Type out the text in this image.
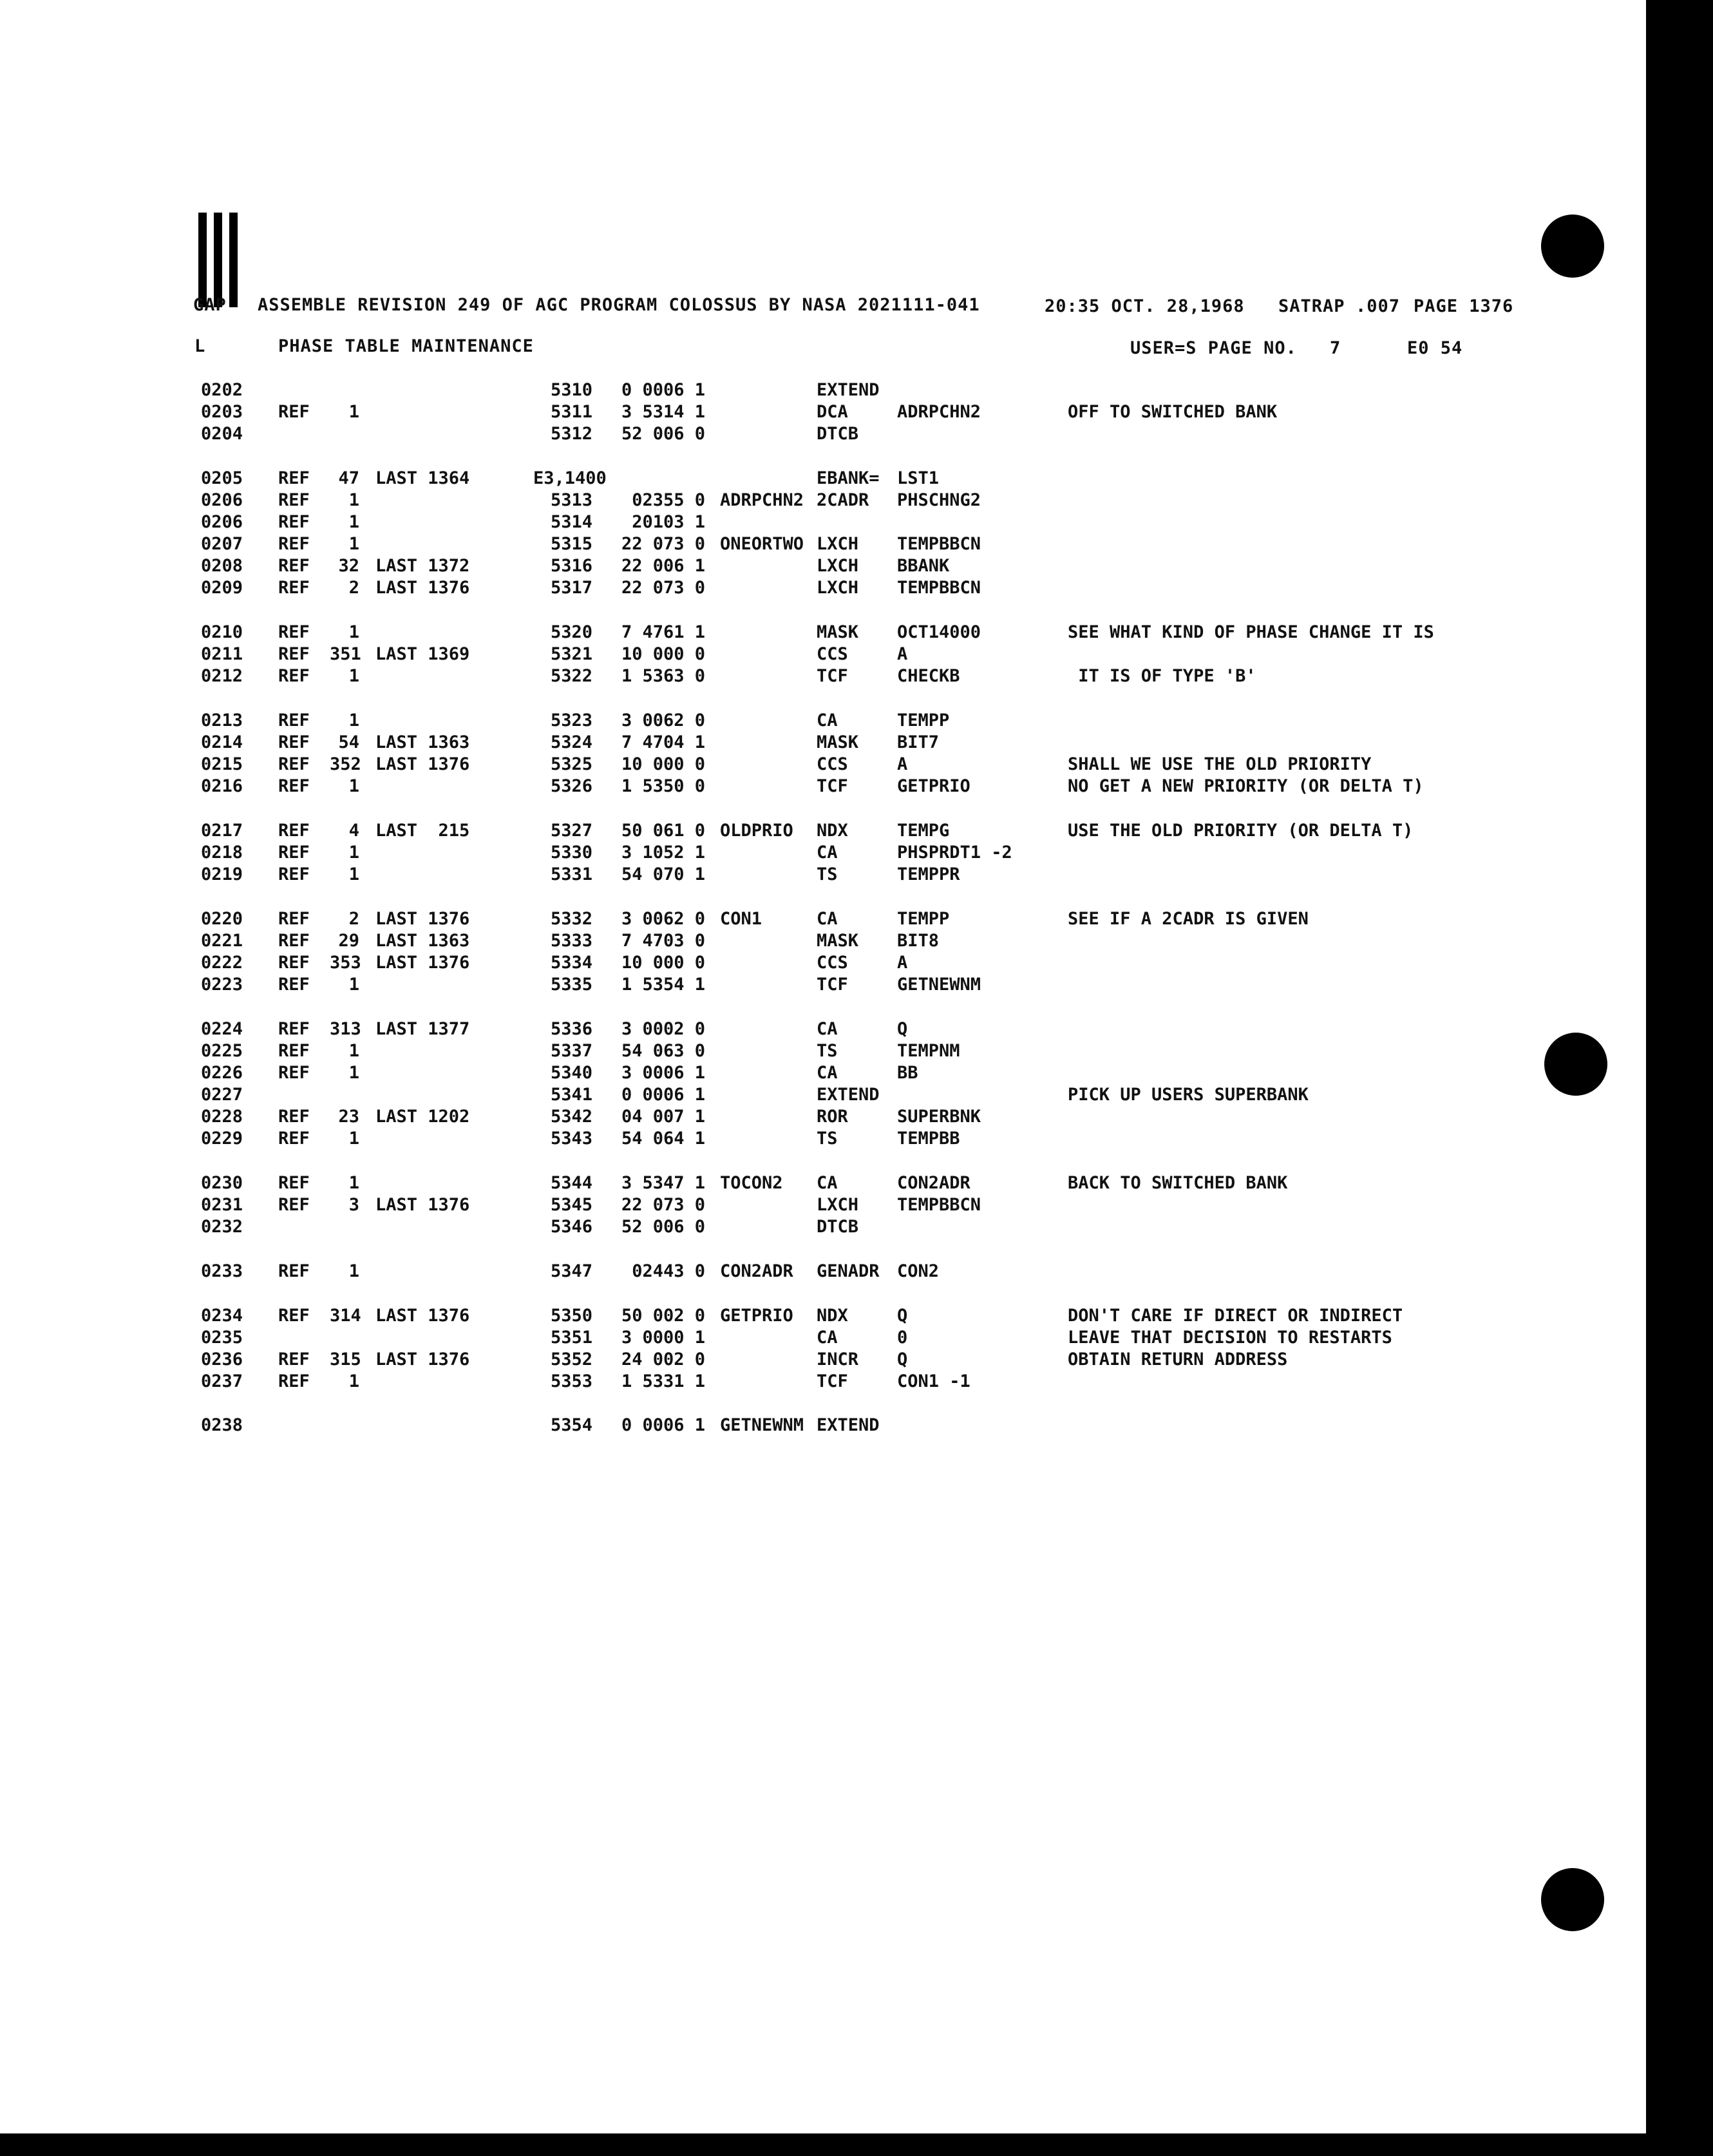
GAP ASSEMBLE REVISION 249 OF AGC PROGRAM COLOSSUS BY NASA 2021111-041	20:35 OCT. 28,1968 SATRAP .007 PAGE 1376
L	PHASE TABLE MAINTENANCE	USER=S PAGE NO. 7	E0 54
0202	5310	0 0006 1	EXTEND
0203 REF	1	5311	3 5314 1	DCA	ADRPCHN2	OFF TO SWITCHED BANK
0204	5312	52 006 0	DTCB
0205 REF	47 LAST 1364	E3,1400	EBANK= LST1
0206 REF	1	5313	02355 0 ADRPCHN2 2CADR PHSCHNG2
0206 REF	1	5314	20103 1
0207 REF	1	5315	22 073 0 ONEORTWO LXCH TEMPBBCN
0208 REF	32 LAST 1372	5316	22 006 1	LXCH BBANK
0209 REF	2 LAST 1376	5317	22 073 0	LXCH TEMPBBCN
0210 REF	1	5320	7 4761 1	MASK OCT14000	SEE WHAT KIND OF PHASE CHANGE IT IS
0211 REF 351 LAST 1369	5321	10 000 0	CCS	A
0212 REF	1	5322	1 5363 0	TCF	CHECKB	IT IS OF TYPE 'B'
0213 REF	1	5323	3 0062 0	CA	TEMPP
0214 REF	54 LAST 1363	5324	7 4704 1	MASK BIT7
0215 REF 352 LAST 1376	5325	10 000 0	CCS	A	SHALL WE USE THE OLD PRIORITY
0216 REF	1	5326	1 5350 0	TCF	GETPRIO	NO GET A NEW PRIORITY (OR DELTA T)
0217 REF	4 LAST  215	5327	50 061 0 OLDPRIO NDX	TEMPG	USE THE OLD PRIORITY (OR DELTA T)
0218 REF	1	5330	3 1052 1	CA	PHSPRDT1 -2
0219 REF	1	5331	54 070 1	TS	TEMPPR
0220 REF	2 LAST 1376	5332	3 0062 0 CON1	CA	TEMPP	SEE IF A 2CADR IS GIVEN
0221 REF	29 LAST 1363	5333	7 4703 0	MASK BIT8
0222 REF 353 LAST 1376	5334	10 000 0	CCS	A
0223 REF	1	5335	1 5354 1	TCF	GETNEWNM
0224 REF 313 LAST 1377	5336	3 0002 0	CA	Q
0225 REF	1	5337	54 063 0	TS	TEMPNM
0226 REF	1	5340	3 0006 1	CA	BB
0227	5341	0 0006 1	EXTEND	PICK UP USERS SUPERBANK
0228 REF	23 LAST 1202	5342	04 007 1	ROR	SUPERBNK
0229 REF	1	5343	54 064 1	TS	TEMPBB
0230 REF	1	5344	3 5347 1 TOCON2 CA	CON2ADR	BACK TO SWITCHED BANK
0231 REF	3 LAST 1376	5345	22 073 0	LXCH TEMPBBCN
0232	5346	52 006 0	DTCB
0233 REF	1	5347	02443 0 CON2ADR GENADR CON2
0234 REF 314 LAST 1376	5350	50 002 0 GETPRIO NDX	Q	DON'T CARE IF DIRECT OR INDIRECT
0235	5351	3 0000 1	CA	0	LEAVE THAT DECISION TO RESTARTS
0236 REF 315 LAST 1376	5352	24 002 0	INCR Q	OBTAIN RETURN ADDRESS
0237 REF	1	5353	1 5331 1	TCF	CON1 -1
0238	5354	0 0006 1 GETNEWNM EXTEND
